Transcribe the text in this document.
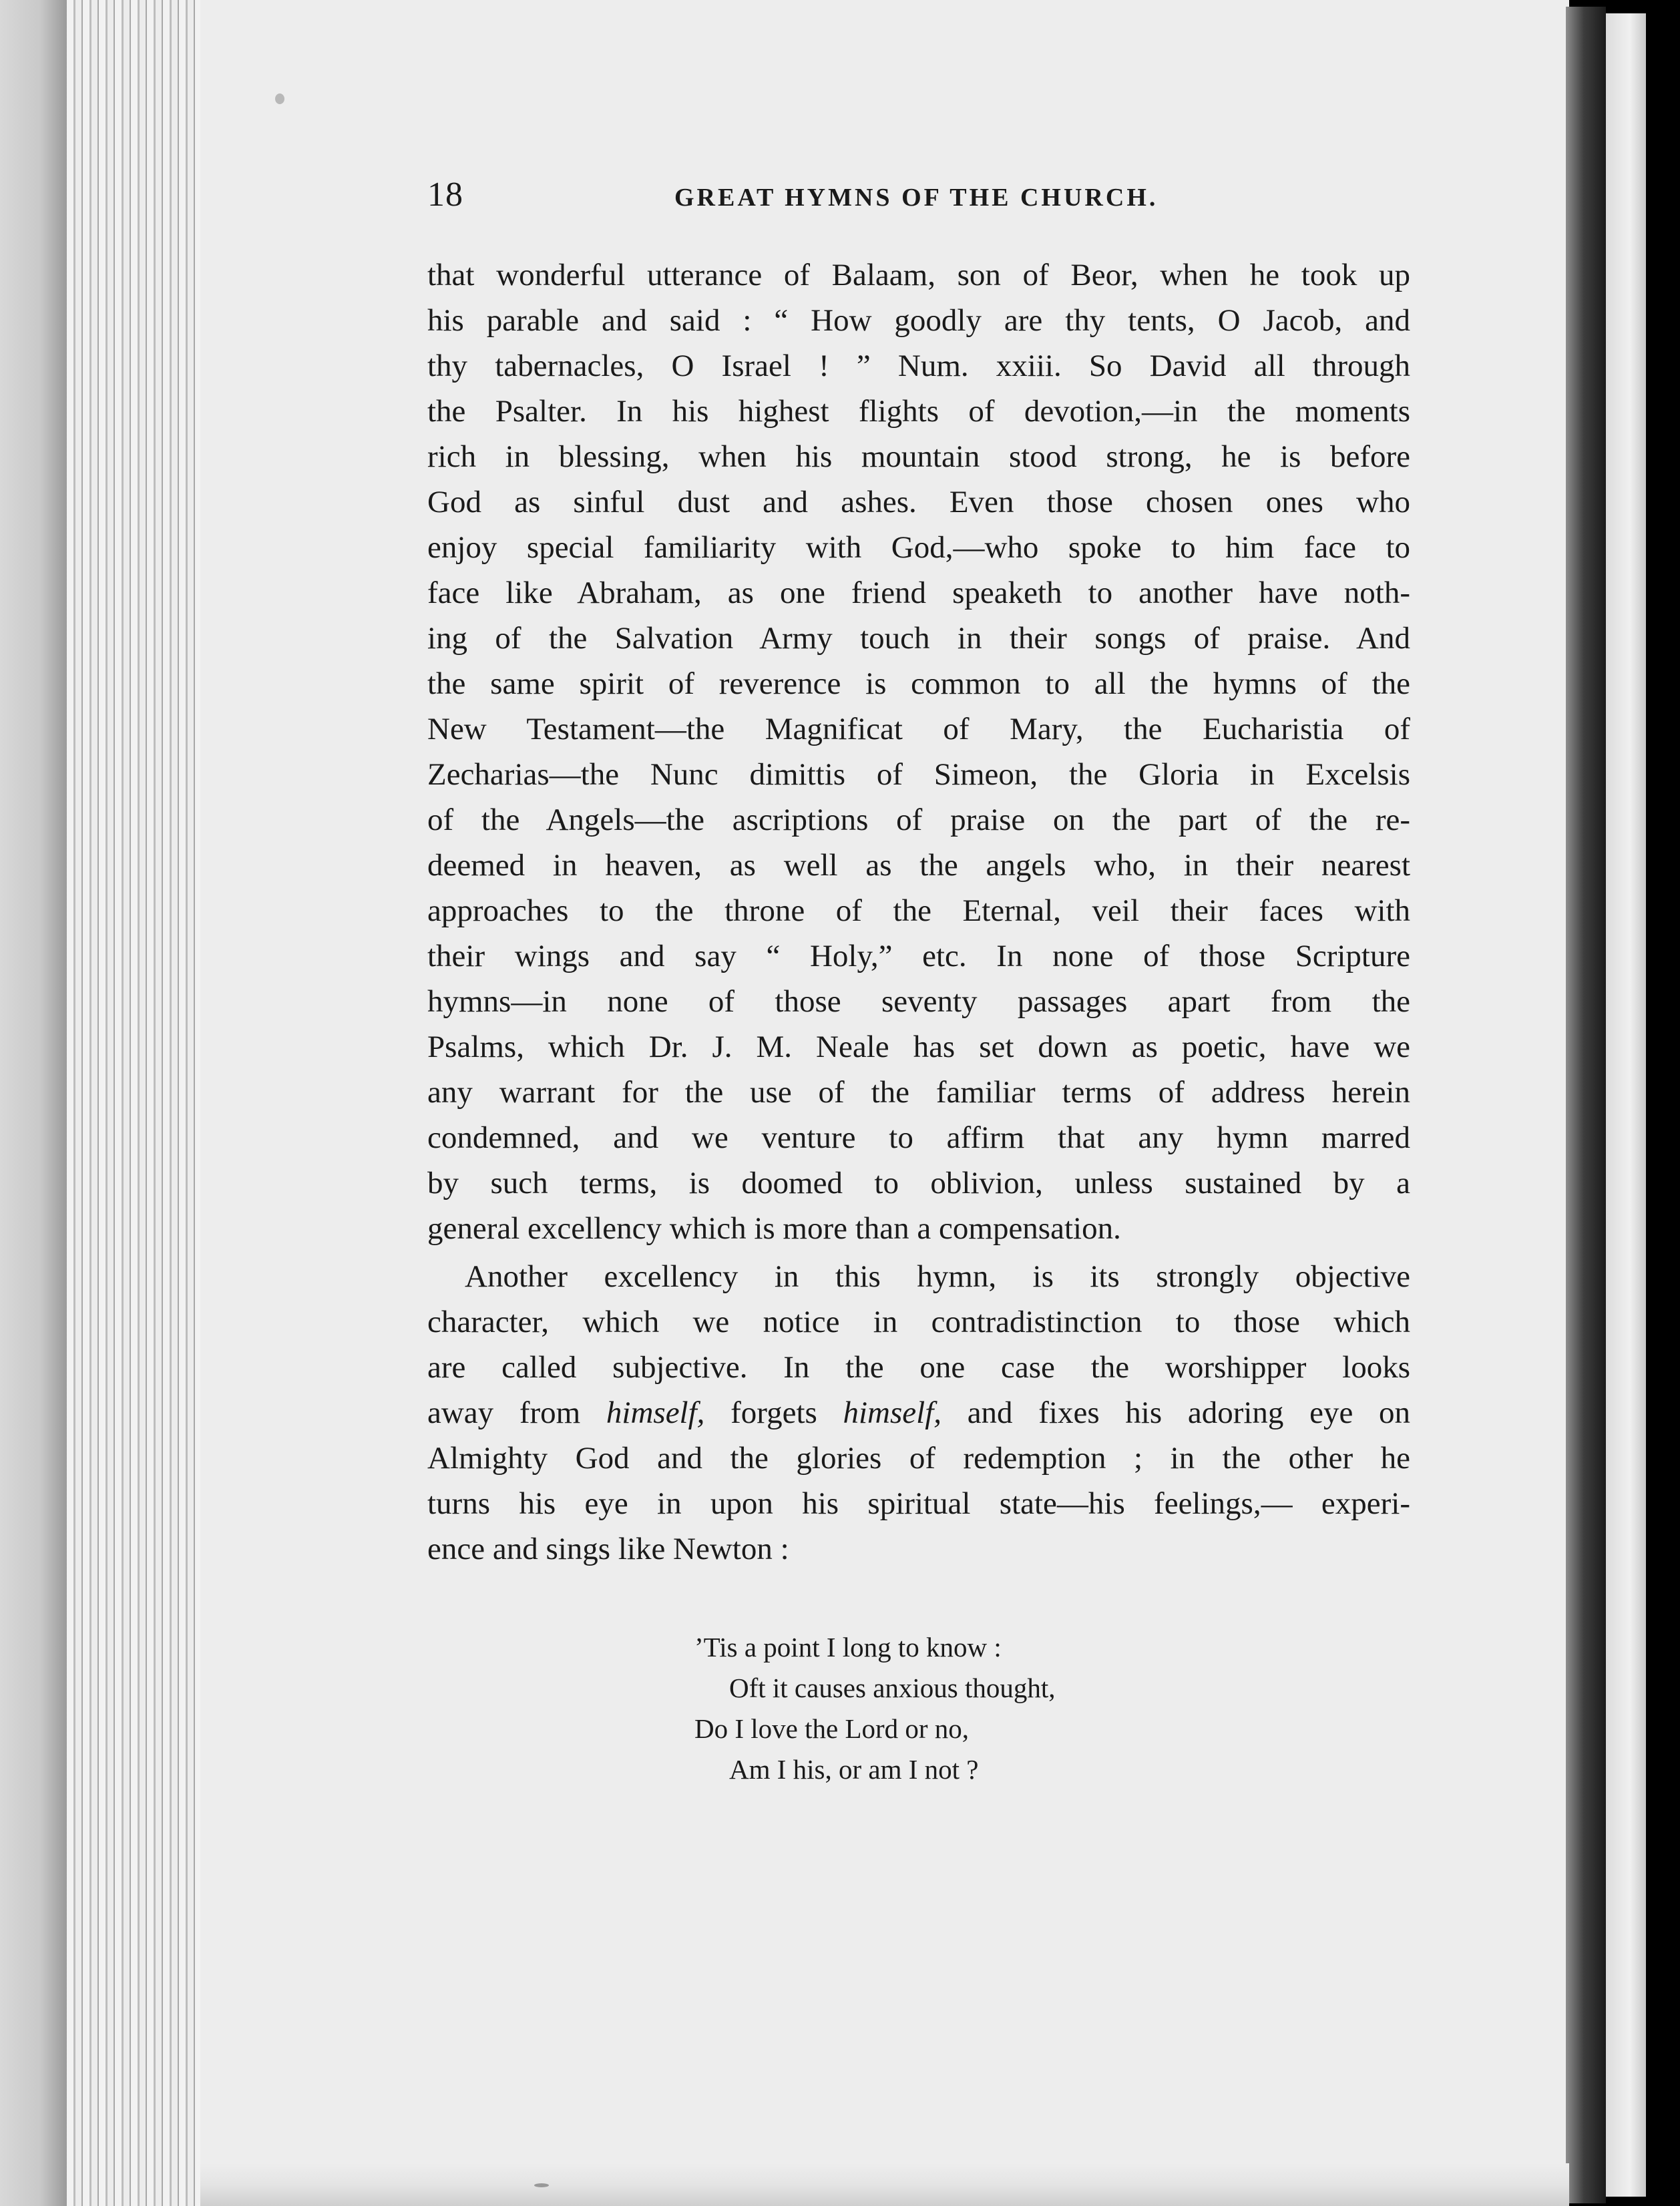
18	GREAT HYMNS OF THE CHURCH.
that wonderful utterance of Balaam, son of Beor, when he took up
his parable and said : “ How goodly are thy tents, O Jacob, and
thy tabernacles, O Israel ! ” Num. xxiii. So David all through
the Psalter. In his highest flights of devotion,—in the moments
rich in blessing, when his mountain stood strong, he is before
God as sinful dust and ashes. Even those chosen ones who
enjoy special familiarity with God,—who spoke to him face to
face like Abraham, as one friend speaketh to another have noth-
ing of the Salvation Army touch in their songs of praise. And
the same spirit of reverence is common to all the hymns of the
New Testament—the Magnificat of Mary, the Eucharistia of
Zecharias—the Nunc dimittis of Simeon, the Gloria in Excelsis
of the Angels—the ascriptions of praise on the part of the re-
deemed in heaven, as well as the angels who, in their nearest
approaches to the throne of the Eternal, veil their faces with
their wings and say “ Holy,” etc. In none of those Scripture
hymns—in none of those seventy passages apart from the
Psalms, which Dr. J. M. Neale has set down as poetic, have we
any warrant for the use of the familiar terms of address herein
condemned, and we venture to affirm that any hymn marred
by such terms, is doomed to oblivion, unless sustained by a
general excellency which is more than a compensation.
Another excellency in this hymn, is its strongly objective
character, which we notice in contradistinction to those which
are called subjective. In the one case the worshipper looks
away from himself, forgets himself, and fixes his adoring eye on
Almighty God and the glories of redemption ; in the other he
turns his eye in upon his spiritual state—his feelings,— experi-
ence and sings like Newton :
’Tis a point I long to know :
Oft it causes anxious thought,
Do I love the Lord or no,
Am I his, or am I not ?
